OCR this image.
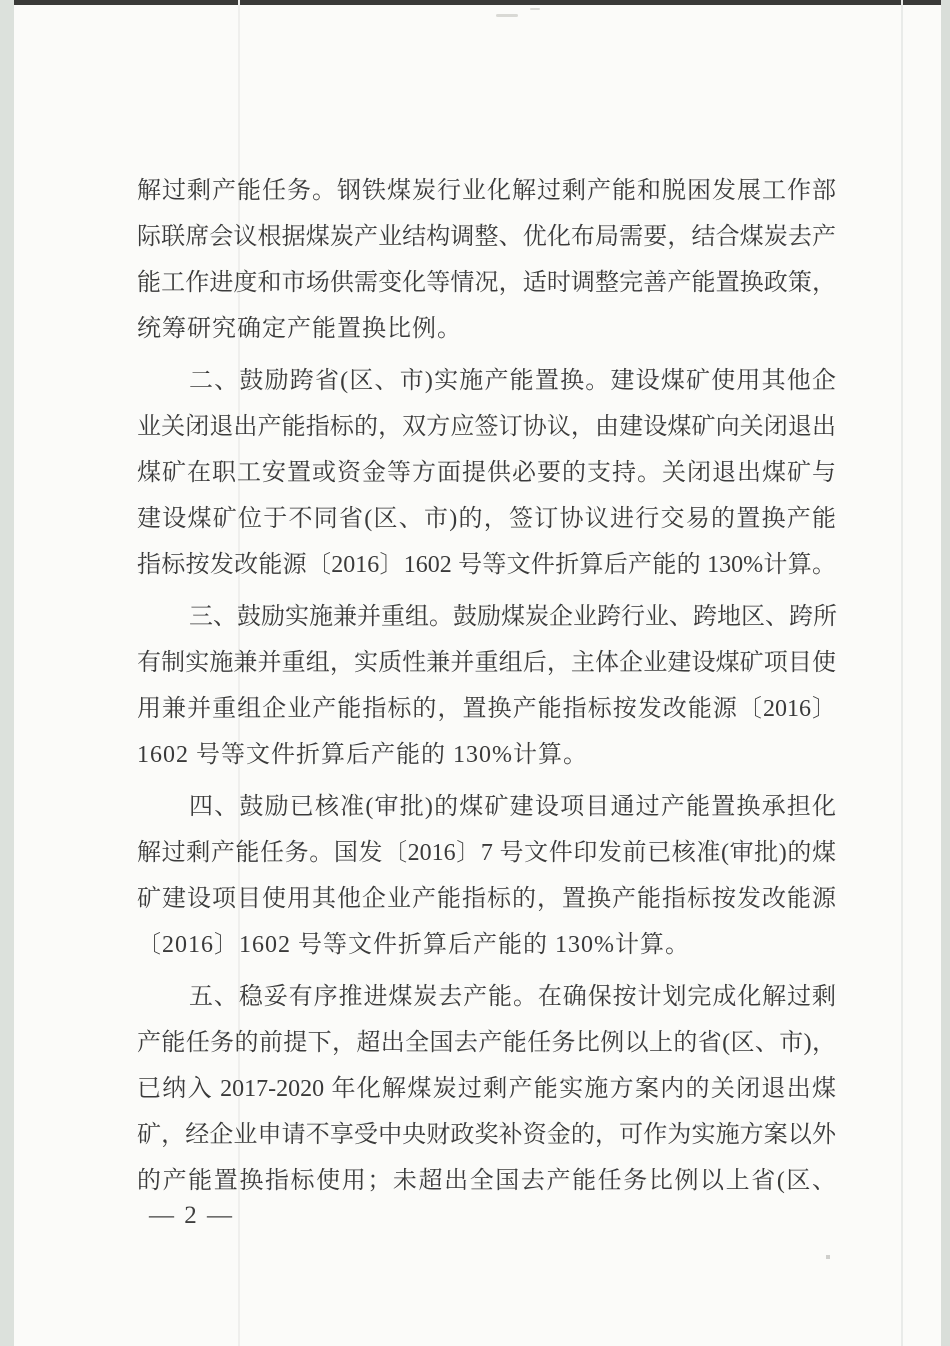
解过剩产能任务。钢铁煤炭行业化解过剩产能和脱困发展工作部
际联席会议根据煤炭产业结构调整、优化布局需要，结合煤炭去产
能工作进度和市场供需变化等情况，适时调整完善产能置换政策，
统筹研究确定产能置换比例。
二、鼓励跨省(区、市)实施产能置换。建设煤矿使用其他企
业关闭退出产能指标的，双方应签订协议，由建设煤矿向关闭退出
煤矿在职工安置或资金等方面提供必要的支持。关闭退出煤矿与
建设煤矿位于不同省(区、市)的，签订协议进行交易的置换产能
指标按发改能源〔2016〕1602 号等文件折算后产能的 130%计算。
三、鼓励实施兼并重组。鼓励煤炭企业跨行业、跨地区、跨所
有制实施兼并重组，实质性兼并重组后，主体企业建设煤矿项目使
用兼并重组企业产能指标的，置换产能指标按发改能源〔2016〕
1602 号等文件折算后产能的 130%计算。
四、鼓励已核准(审批)的煤矿建设项目通过产能置换承担化
解过剩产能任务。国发〔2016〕7 号文件印发前已核准(审批)的煤
矿建设项目使用其他企业产能指标的，置换产能指标按发改能源
〔2016〕1602 号等文件折算后产能的 130%计算。
五、稳妥有序推进煤炭去产能。在确保按计划完成化解过剩
产能任务的前提下，超出全国去产能任务比例以上的省(区、市)，
已纳入 2017-2020 年化解煤炭过剩产能实施方案内的关闭退出煤
矿，经企业申请不享受中央财政奖补资金的，可作为实施方案以外
的产能置换指标使用；未超出全国去产能任务比例以上省(区、
— 2 —
